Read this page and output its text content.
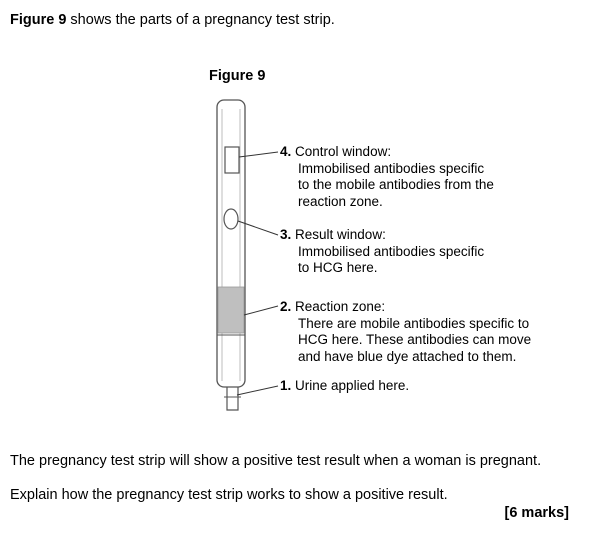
Figure 9 shows the parts of a pregnancy test strip.
Figure 9
4. Control window:
Immobilised antibodies specific
to the mobile antibodies from the
reaction zone.
3. Result window:
Immobilised antibodies specific
to HCG here.
2. Reaction zone:
There are mobile antibodies specific to
HCG here. These antibodies can move
and have blue dye attached to them.
1. Urine applied here.
The pregnancy test strip will show a positive test result when a woman is pregnant.
Explain how the pregnancy test strip works to show a positive result.
[6 marks]
